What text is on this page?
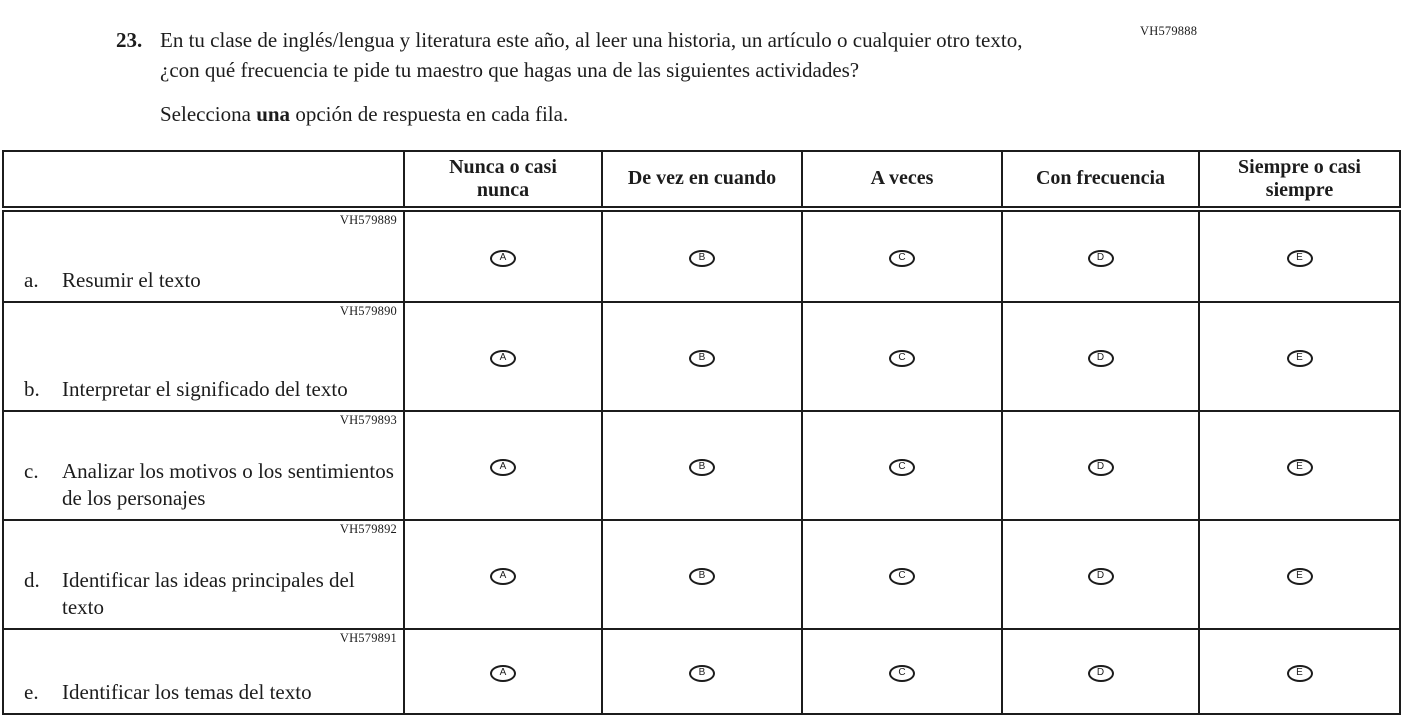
VH579888
23. En tu clase de inglés/lengua y literatura este año, al leer una historia, un artículo o cualquier otro texto, ¿con qué frecuencia te pide tu maestro que hagas una de las siguientes actividades?

Selecciona una opción de respuesta en cada fila.

	Nunca o casi nunca	De vez en cuando	A veces	Con frecuencia	Siempre o casi siempre

VH579889
a. Resumir el texto	A	B	C	D	E

VH579890
b. Interpretar el significado del texto	A	B	C	D	E

VH579893
c. Analizar los motivos o los sentimientos de los personajes	A	B	C	D	E

VH579892
d. Identificar las ideas principales del texto	A	B	C	D	E

VH579891
e. Identificar los temas del texto	A	B	C	D	E
